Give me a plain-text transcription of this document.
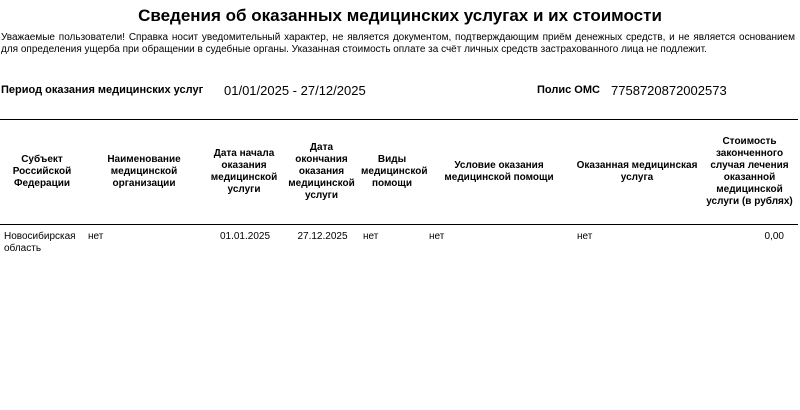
Сведения об оказанных медицинских услугах и их стоимости

Уважаемые пользователи! Справка носит уведомительный характер, не является документом, подтверждающим приём денежных средств, и не является основанием для определения ущерба при обращении в судебные органы. Указанная стоимость оплате за счёт личных средств застрахованного лица не подлежит.

Период оказания медицинских услуг 01/01/2025 - 27/12/2025	Полис ОМС 7758720872002573
Субъект Российской Федерации	Наименование медицинской организации	Дата начала оказания медицинской услуги	Дата окончания оказания медицинской услуги	Виды медицинской помощи	Условие оказания медицинской помощи	Оказанная медицинская услуга	Стоимость законченного случая лечения оказанной медицинской услуги (в рублях)
Новосибирская область	нет	01.01.2025	27.12.2025	нет	нет	нет	0,00
